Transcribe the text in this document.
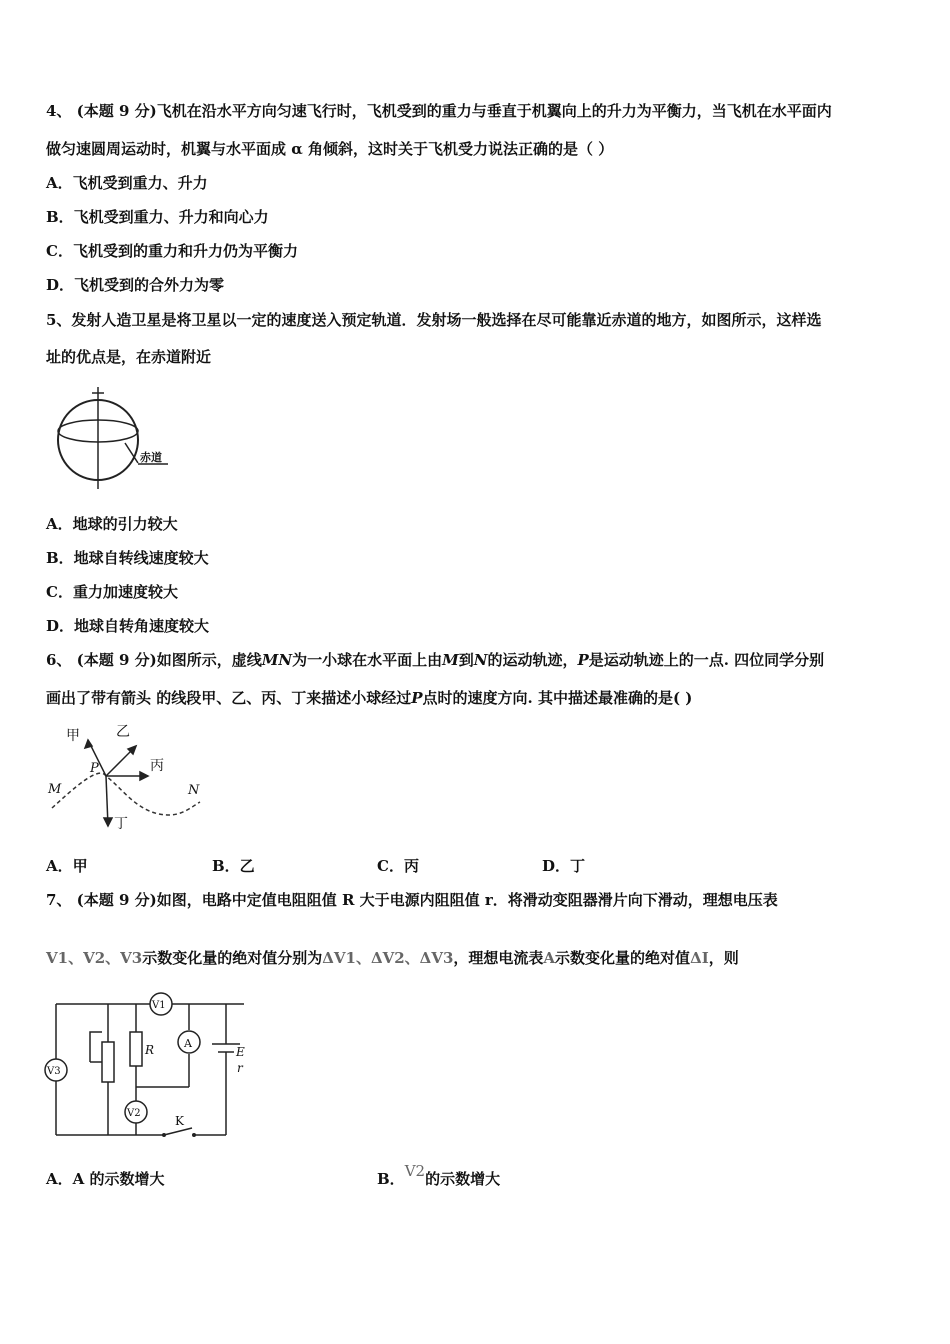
4、 (本题 9 分)飞机在沿水平方向匀速飞行时，飞机受到的重力与垂直于机翼向上的升力为平衡力，当飞机在水平面内
做匀速圆周运动时，机翼与水平面成 α 角倾斜，这时关于飞机受力说法正确的是（ ）
A．飞机受到重力、升力
B．飞机受到重力、升力和向心力
C．飞机受到的重力和升力仍为平衡力
D．飞机受到的合外力为零
5、发射人造卫星是将卫星以一定的速度送入预定轨道．发射场一般选择在尽可能靠近赤道的地方，如图所示，这样选
址的优点是，在赤道附近
赤道
A．地球的引力较大
B．地球自转线速度较大
C．重力加速度较大
D．地球自转角速度较大
6、 (本题 9 分)如图所示，虚线MN为一小球在水平面上由M到N的运动轨迹，P是运动轨迹上的一点. 四位同学分别
画出了带有箭头 的线段甲、乙、丙、丁来描述小球经过P点时的速度方向. 其中描述最准确的是( )
甲	乙
丙
丁
M	N
P
A．甲	B．乙	C．丙	D．丁
7、 (本题 9 分)如图，电路中定值电阻阻值 R 大于电源内阻阻值 r．将滑动变阻器滑片向下滑动，理想电压表
V1、V2、V3示数变化量的绝对值分别为ΔV1、ΔV2、ΔV3，理想电流表A示数变化量的绝对值ΔI，则
V1
A
V3
V2
R	E
r
K
A．A 的示数增大	B．V2的示数增大
